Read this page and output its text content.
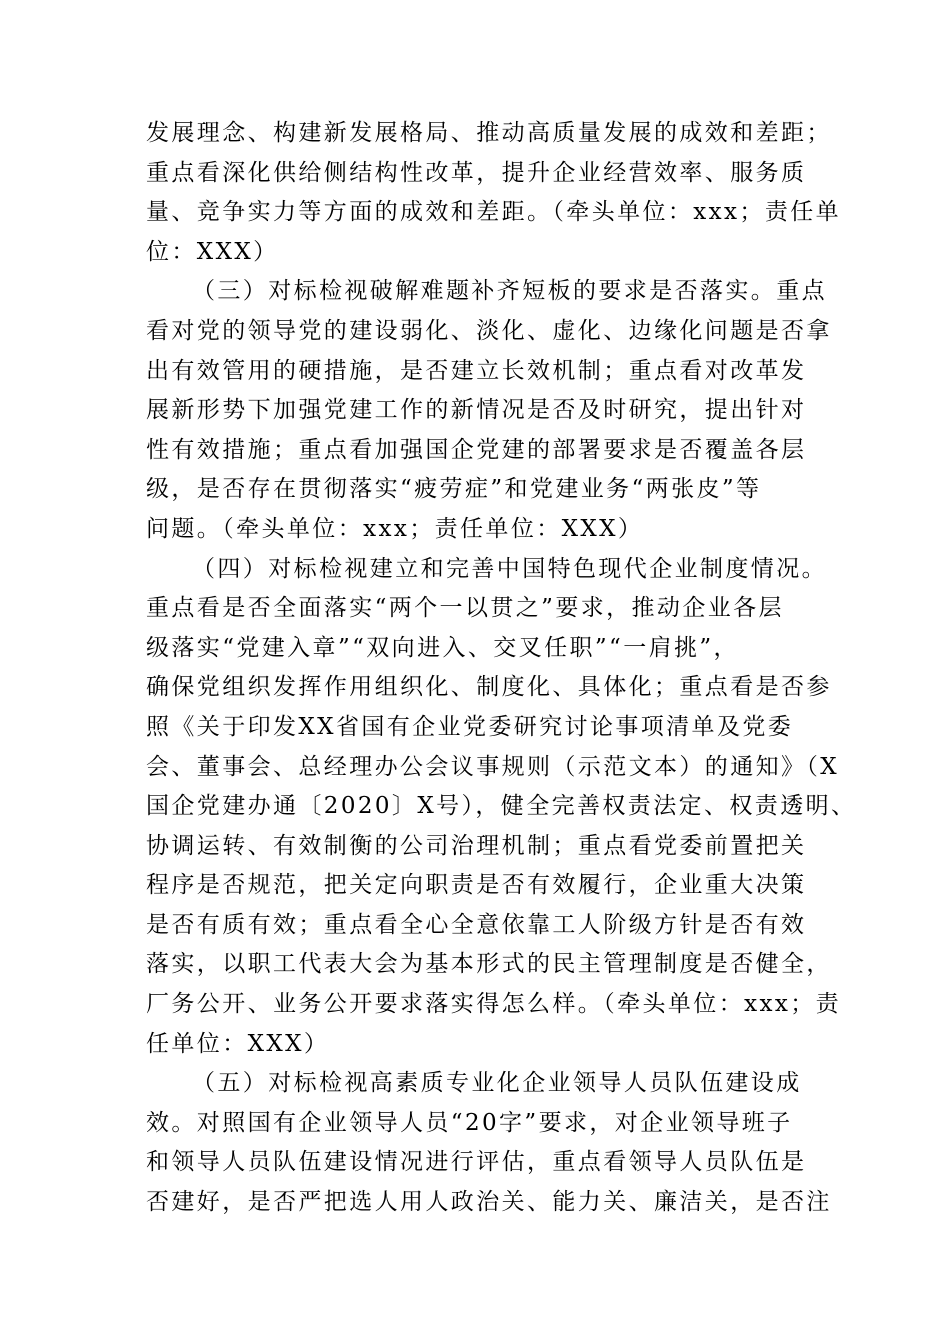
发展理念、构建新发展格局、推动高质量发展的成效和差距；
重点看深化供给侧结构性改革，提升企业经营效率、服务质
量、竞争实力等方面的成效和差距。（牵头单位：xxx；责任单
位：XXX）
（三）对标检视破解难题补齐短板的要求是否落实。重点
看对党的领导党的建设弱化、淡化、虚化、边缘化问题是否拿
出有效管用的硬措施，是否建立长效机制；重点看对改革发
展新形势下加强党建工作的新情况是否及时研究，提出针对
性有效措施；重点看加强国企党建的部署要求是否覆盖各层
级，是否存在贯彻落实“疲劳症”和党建业务“两张皮”等
问题。（牵头单位：xxx；责任单位：XXX）
（四）对标检视建立和完善中国特色现代企业制度情况。
重点看是否全面落实“两个一以贯之”要求，推动企业各层
级落实“党建入章”“双向进入、交叉任职”“一肩挑”，
确保党组织发挥作用组织化、制度化、具体化；重点看是否参
照《关于印发XX省国有企业党委研究讨论事项清单及党委
会、董事会、总经理办公会议事规则（示范文本）的通知》（X
国企党建办通〔2020〕X号），健全完善权责法定、权责透明、
协调运转、有效制衡的公司治理机制；重点看党委前置把关
程序是否规范，把关定向职责是否有效履行，企业重大决策
是否有质有效；重点看全心全意依靠工人阶级方针是否有效
落实，以职工代表大会为基本形式的民主管理制度是否健全，
厂务公开、业务公开要求落实得怎么样。（牵头单位：xxx；责
任单位：XXX）
（五）对标检视高素质专业化企业领导人员队伍建设成
效。对照国有企业领导人员“20字”要求，对企业领导班子
和领导人员队伍建设情况进行评估，重点看领导人员队伍是
否建好，是否严把选人用人政治关、能力关、廉洁关，是否注
